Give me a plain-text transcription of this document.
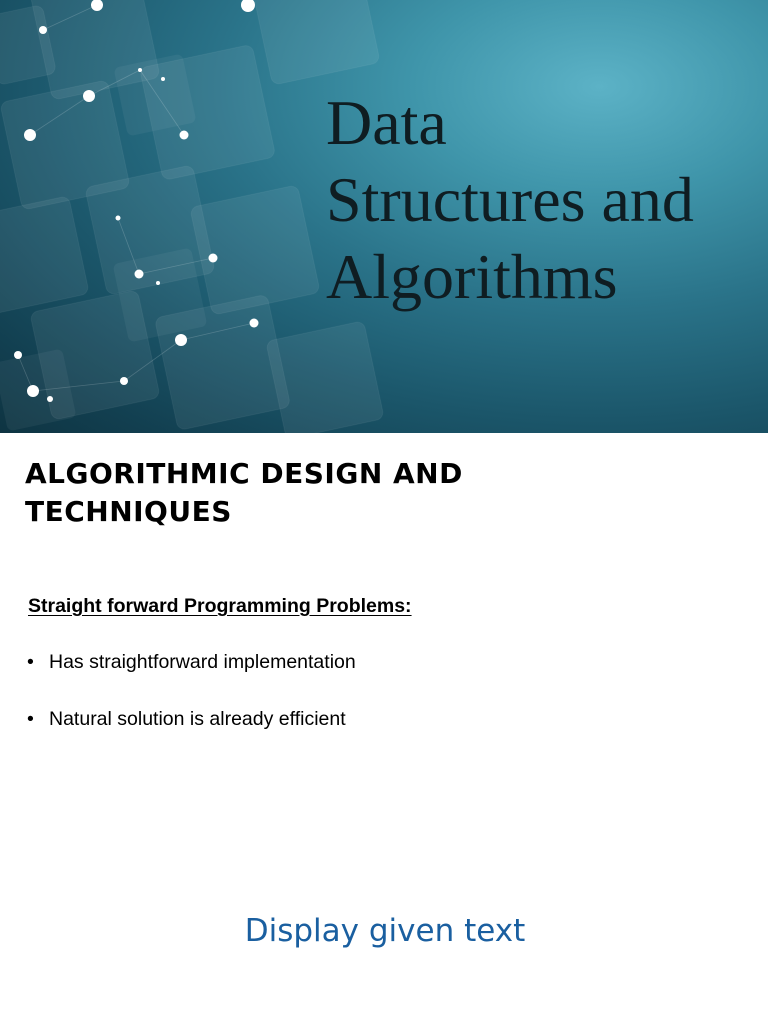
Data
Structures and
Algorithms
ALGORITHMIC DESIGN AND
TECHNIQUES

Straight forward Programming Problems:

• Has straightforward implementation
• Natural solution is already efficient

Display given text
